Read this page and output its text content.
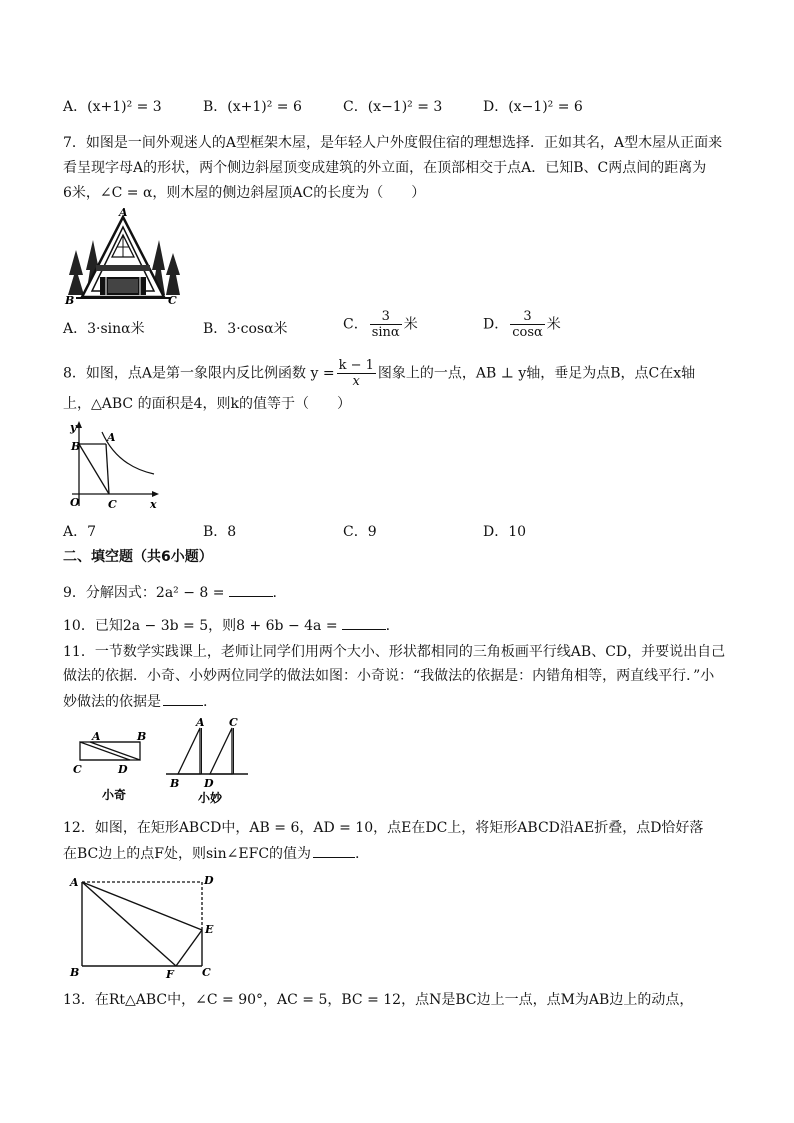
A．(x+1)² = 3	B．(x+1)² = 6	C．(x−1)² = 3	D．(x−1)² = 6
7．如图是一间外观迷人的A型框架木屋，是年轻人户外度假住宿的理想选择．正如其名，A型木屋从正面来
看呈现字母A的形状，两个侧边斜屋顶变成建筑的外立面，在顶部相交于点A．已知B、C两点间的距离为
6米，∠C = α，则木屋的侧边斜屋顶AC的长度为（　　）
A
B	C
A．3·sinα米	B．3·cosα米	C． $\frac{3}{\sin\alpha}$ 米	D． $\frac{3}{\cos\alpha}$ 米
8．如图，点A是第一象限内反比例函数 $y = \frac{k - 1}{x}$ 图象上的一点，AB ⊥ y轴，垂足为点B，点C在x轴
上，△ABC 的面积是4，则k的值等于（　　）
y
B
A
O	C	x
A．7	B．8	C．9	D．10
二、填空题（共6小题）
9．分解因式：2a² − 8 =	.
10．已知2a − 3b = 5，则8 + 6b − 4a =	.
11．一节数学实践课上，老师让同学们用两个大小、形状都相同的三角板画平行线AB、CD，并要说出自己
做法的依据．小奇、小妙两位同学的做法如图：小奇说：“我做法的依据是：内错角相等，两直线平行．”小
妙做法的依据是	.
A	B
C	D
小奇
A C
B D
小妙
12．如图，在矩形ABCD中，AB = 6，AD = 10，点E在DC上，将矩形ABCD沿AE折叠，点D恰好落
在BC边上的点F处，则sin∠EFC的值为	.
A	D
E
B	F	C
13．在Rt△ABC中，∠C = 90°，AC = 5，BC = 12，点N是BC边上一点，点M为AB边上的动点，
